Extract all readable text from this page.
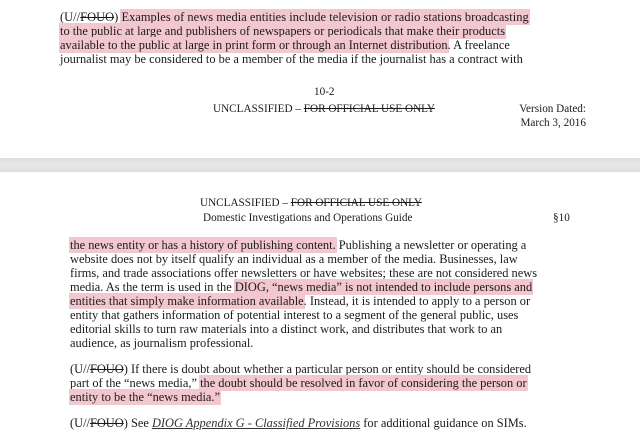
(U//FOUO) Examples of news media entities include television or radio stations broadcasting
to the public at large and publishers of newspapers or periodicals that make their products
available to the public at large in print form or through an Internet distribution. A freelance
journalist may be considered to be a member of the media if the journalist has a contract with
10-2
UNCLASSIFIED – FOR OFFICIAL USE ONLY	Version Dated:
March 3, 2016
UNCLASSIFIED – FOR OFFICIAL USE ONLY
Domestic Investigations and Operations Guide	§10
the news entity or has a history of publishing content. Publishing a newsletter or operating a
website does not by itself qualify an individual as a member of the media. Businesses, law
firms, and trade associations offer newsletters or have websites; these are not considered news
media. As the term is used in the DIOG, “news media” is not intended to include persons and
entities that simply make information available. Instead, it is intended to apply to a person or
entity that gathers information of potential interest to a segment of the general public, uses
editorial skills to turn raw materials into a distinct work, and distributes that work to an
audience, as journalism professional.
(U//FOUO) If there is doubt about whether a particular person or entity should be considered
part of the “news media,” the doubt should be resolved in favor of considering the person or
entity to be the “news media.”
(U//FOUO) See DIOG Appendix G - Classified Provisions for additional guidance on SIMs.
